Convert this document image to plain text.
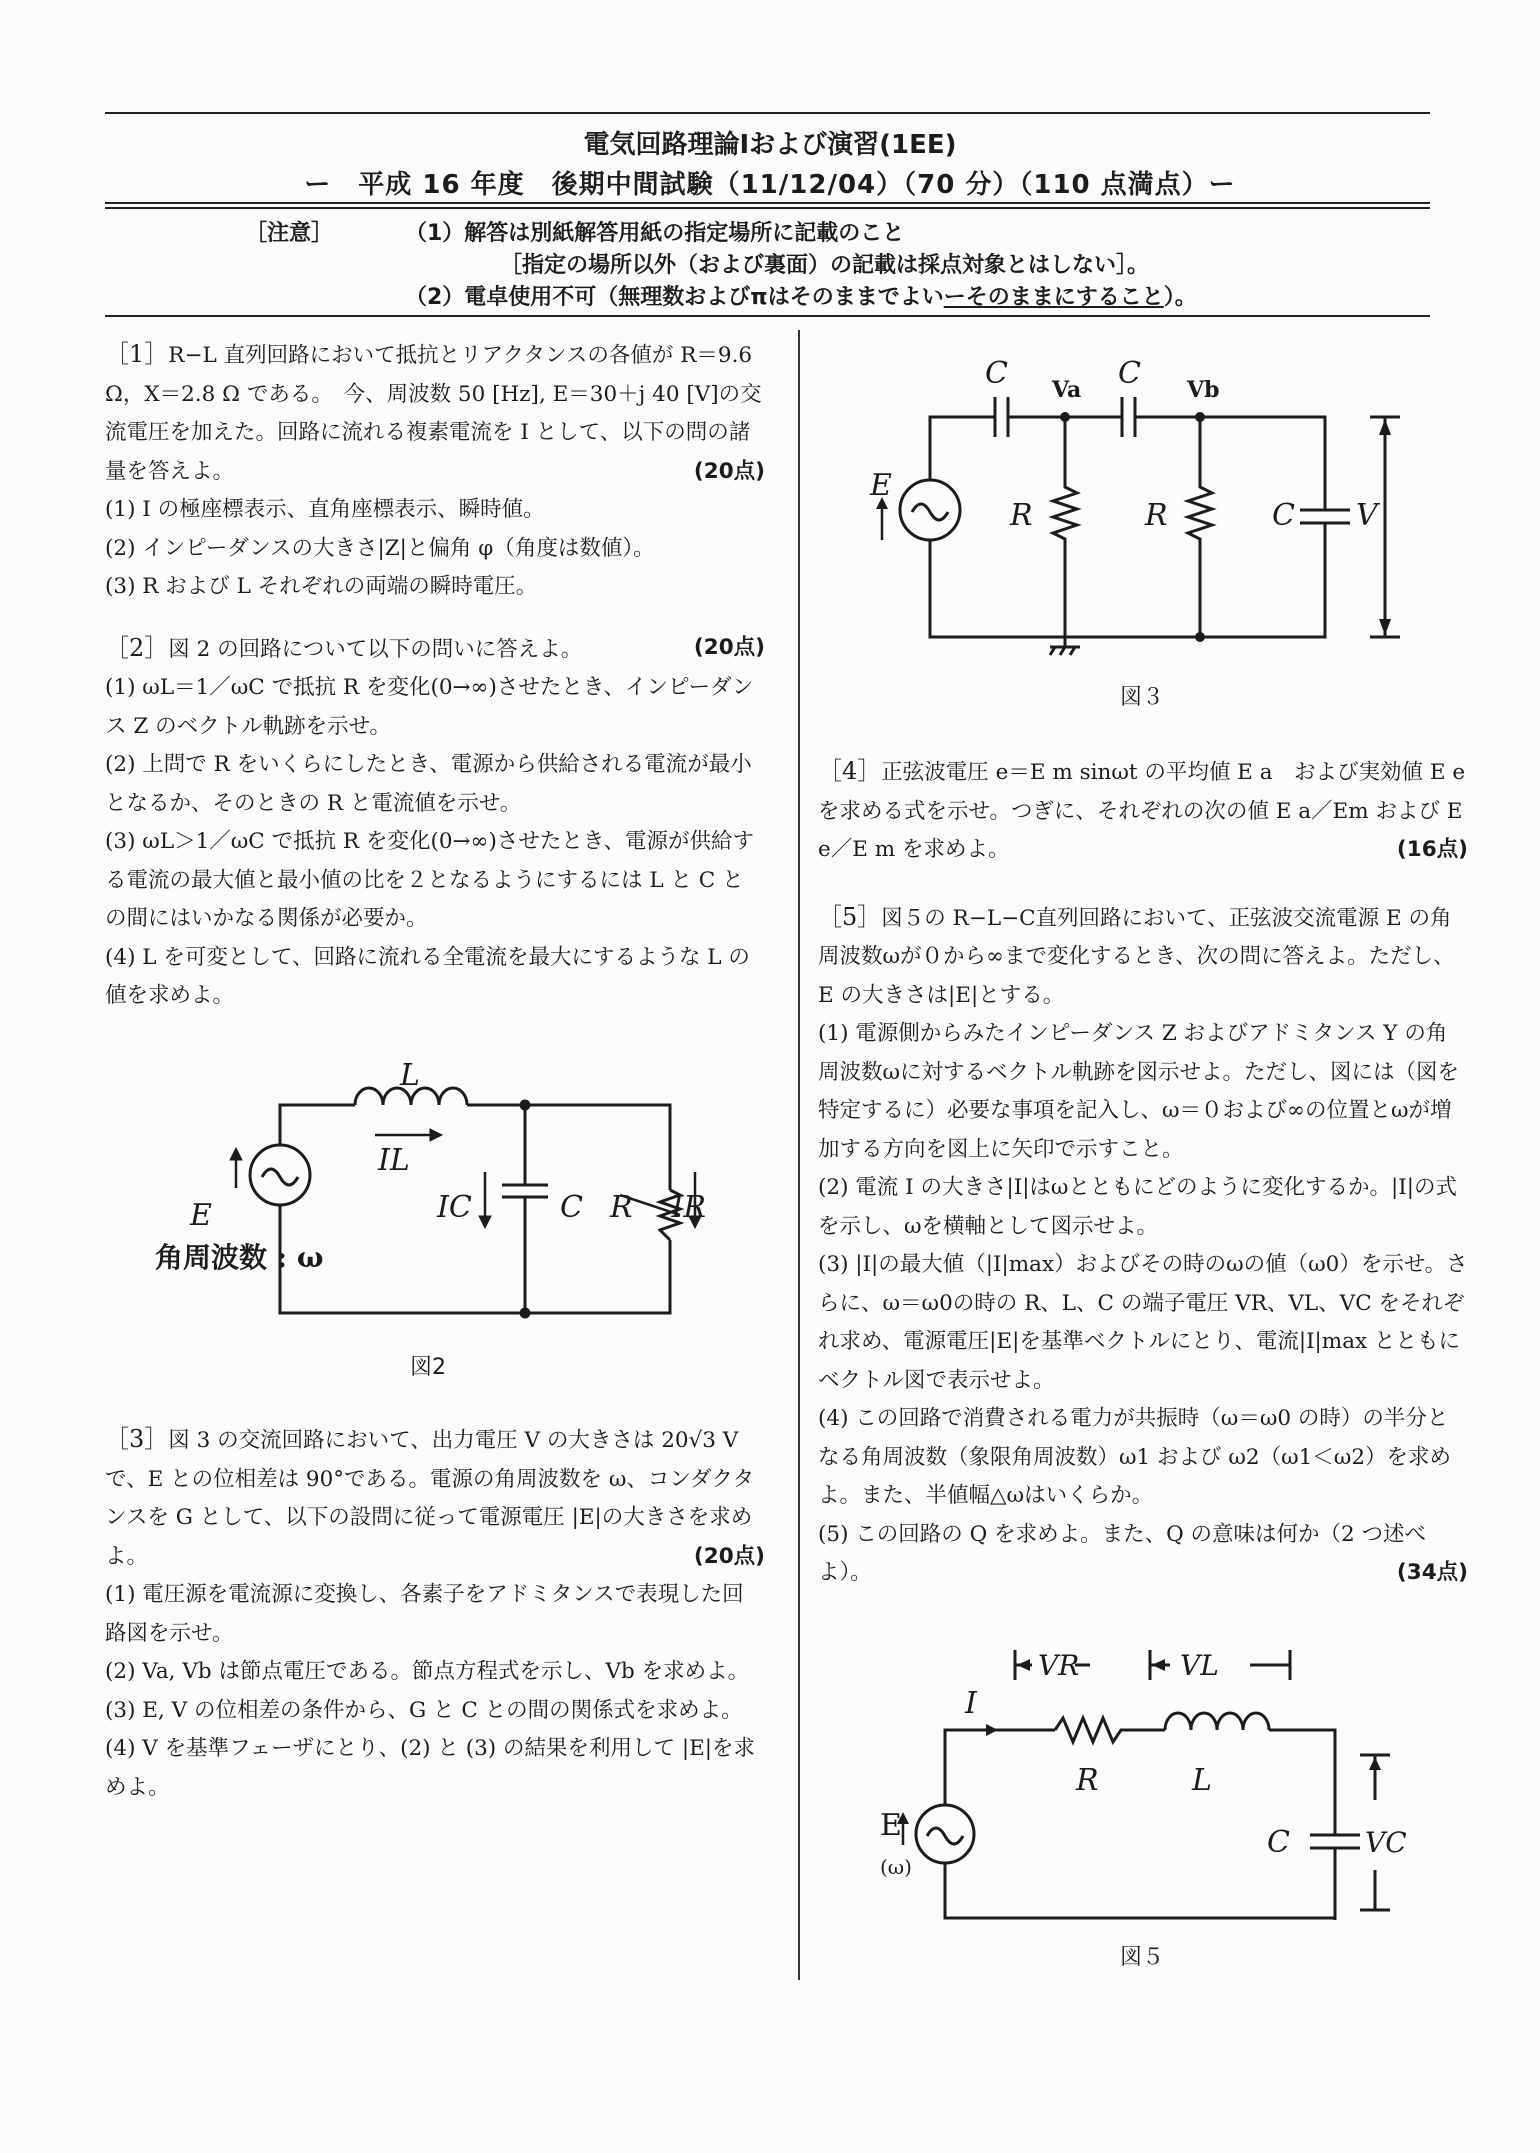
電気回路理論Ⅰおよび演習(1EE)
ー　平成 16 年度　後期中間試験（11/12/04）（70 分）（110 点満点）ー
［注意］	（1）解答は別紙解答用紙の指定場所に記載のこと
［指定の場所以外（および裏面）の記載は採点対象とはしない］。
（2）電卓使用不可（無理数およびπはそのままでよいーそのままにすること）。

［1］R−L 直列回路において抵抗とリアクタンスの各値が R＝9.6 Ω，X＝2.8 Ω である。　今、周波数 50 [Hz], E＝30＋j 40 [V]の交流電圧を加えた。回路に流れる複素電流を I として、以下の問の諸量を答えよ。	(20点)

(1) I の極座標表示、直角座標表示、瞬時値。

(2) インピーダンスの大きさ|Z|と偏角 φ（角度は数値）。

(3) R および L それぞれの両端の瞬時電圧。

［2］図 2 の回路について以下の問いに答えよ。	(20点)

(1) ωL＝1／ωC で抵抗 R を変化(0→∞)させたとき、インピーダンス Z のベクトル軌跡を示せ。

(2) 上問で R をいくらにしたとき、電源から供給される電流が最小となるか、そのときの R と電流値を示せ。

(3) ωL＞1／ωC で抵抗 R を変化(0→∞)させたとき、電源が供給する電流の最大値と最小値の比を２となるようにするには L と C との間にはいかなる関係が必要か。

(4) L を可変として、回路に流れる全電流を最大にするような L の値を求めよ。

L
IL
IC	C R IR
E
角周波数 : ω
図2

［3］図 3 の交流回路において、出力電圧 V の大きさは 20√3 V で、E との位相差は 90°である。電源の角周波数を ω、コンダクタンスを G として、以下の設問に従って電源電圧 |E|の大きさを求めよ。	(20点)

(1) 電圧源を電流源に変換し、各素子をアドミタンスで表現した回路図を示せ。

(2) Va, Vb は節点電圧である。節点方程式を示し、Vb を求めよ。

(3) E, V の位相差の条件から、G と C との間の関係式を求めよ。

(4) V を基準フェーザにとり、(2) と (3) の結果を利用して |E|を求めよ。

C	C
E
R	R	C V
Va	Vb
図３

［4］正弦波電圧 e＝E m sinωt の平均値 E a　および実効値 E e を求める式を示せ。つぎに、それぞれの次の値 E a／Em および E e／E m を求めよ。	(16点)

［5］図５の R−L−C直列回路において、正弦波交流電源 E の角周波数ωが０から∞まで変化するとき、次の問に答えよ。ただし、E の大きさは|E|とする。

(1) 電源側からみたインピーダンス Z およびアドミタンス Y の角周波数ωに対するベクトル軌跡を図示せよ。ただし、図には（図を特定するに）必要な事項を記入し、ω＝０および∞の位置とωが増加する方向を図上に矢印で示すこと。

(2) 電流 I の大きさ|I|はωとともにどのように変化するか。|I|の式を示し、ωを横軸として図示せよ。

(3) |I|の最大値（|I|max）およびその時のωの値（ω0）を示せ。さらに、ω＝ω0の時の R、L、C の端子電圧 VR、VL、VC をそれぞれ求め、電源電圧|E|を基準ベクトルにとり、電流|I|max とともにベクトル図で表示せよ。

(4) この回路で消費される電力が共振時（ω＝ω0 の時）の半分となる角周波数（象限角周波数）ω1 および ω2（ω1＜ω2）を求めよ。また、半値幅△ωはいくらか。

(5) この回路の Q を求めよ。また、Q の意味は何か（2 つ述べよ）。	(34点)

I
R	L
C
VR	VL
VC
E
(ω)
図５
